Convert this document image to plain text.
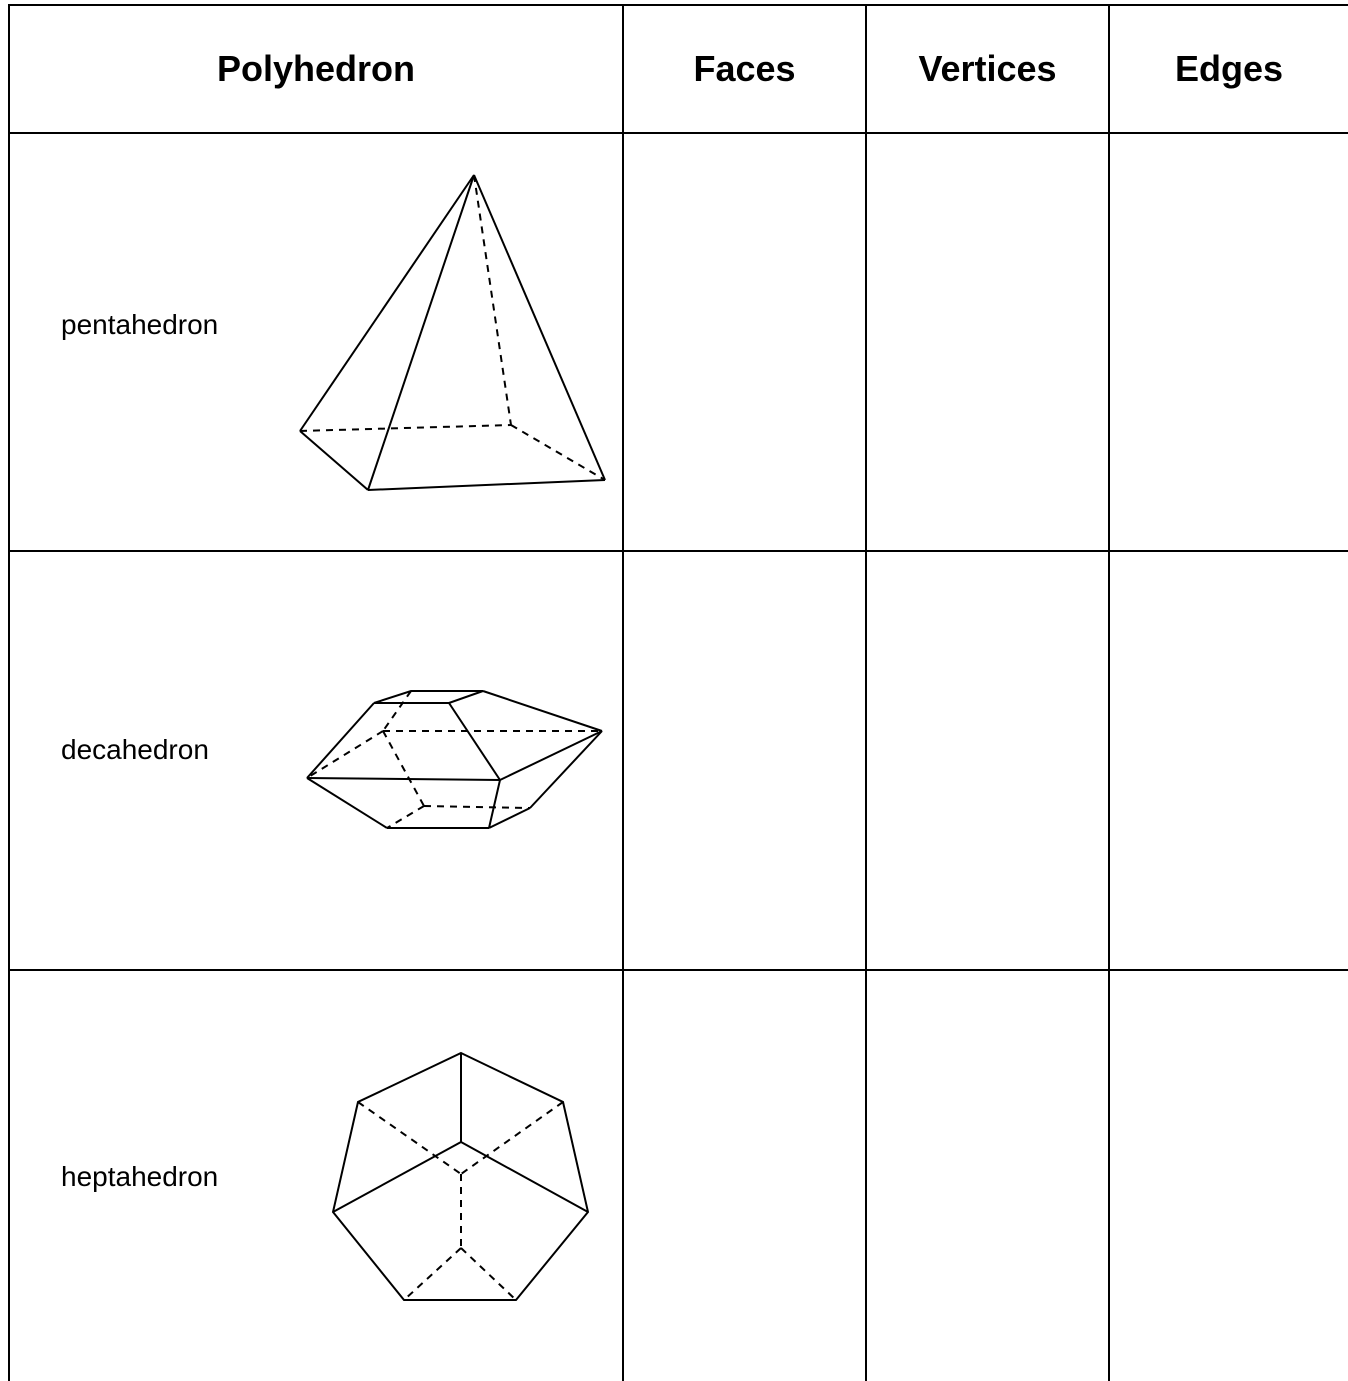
Polyhedron	Faces	Vertices	Edges
pentahedron
decahedron
heptahedron
